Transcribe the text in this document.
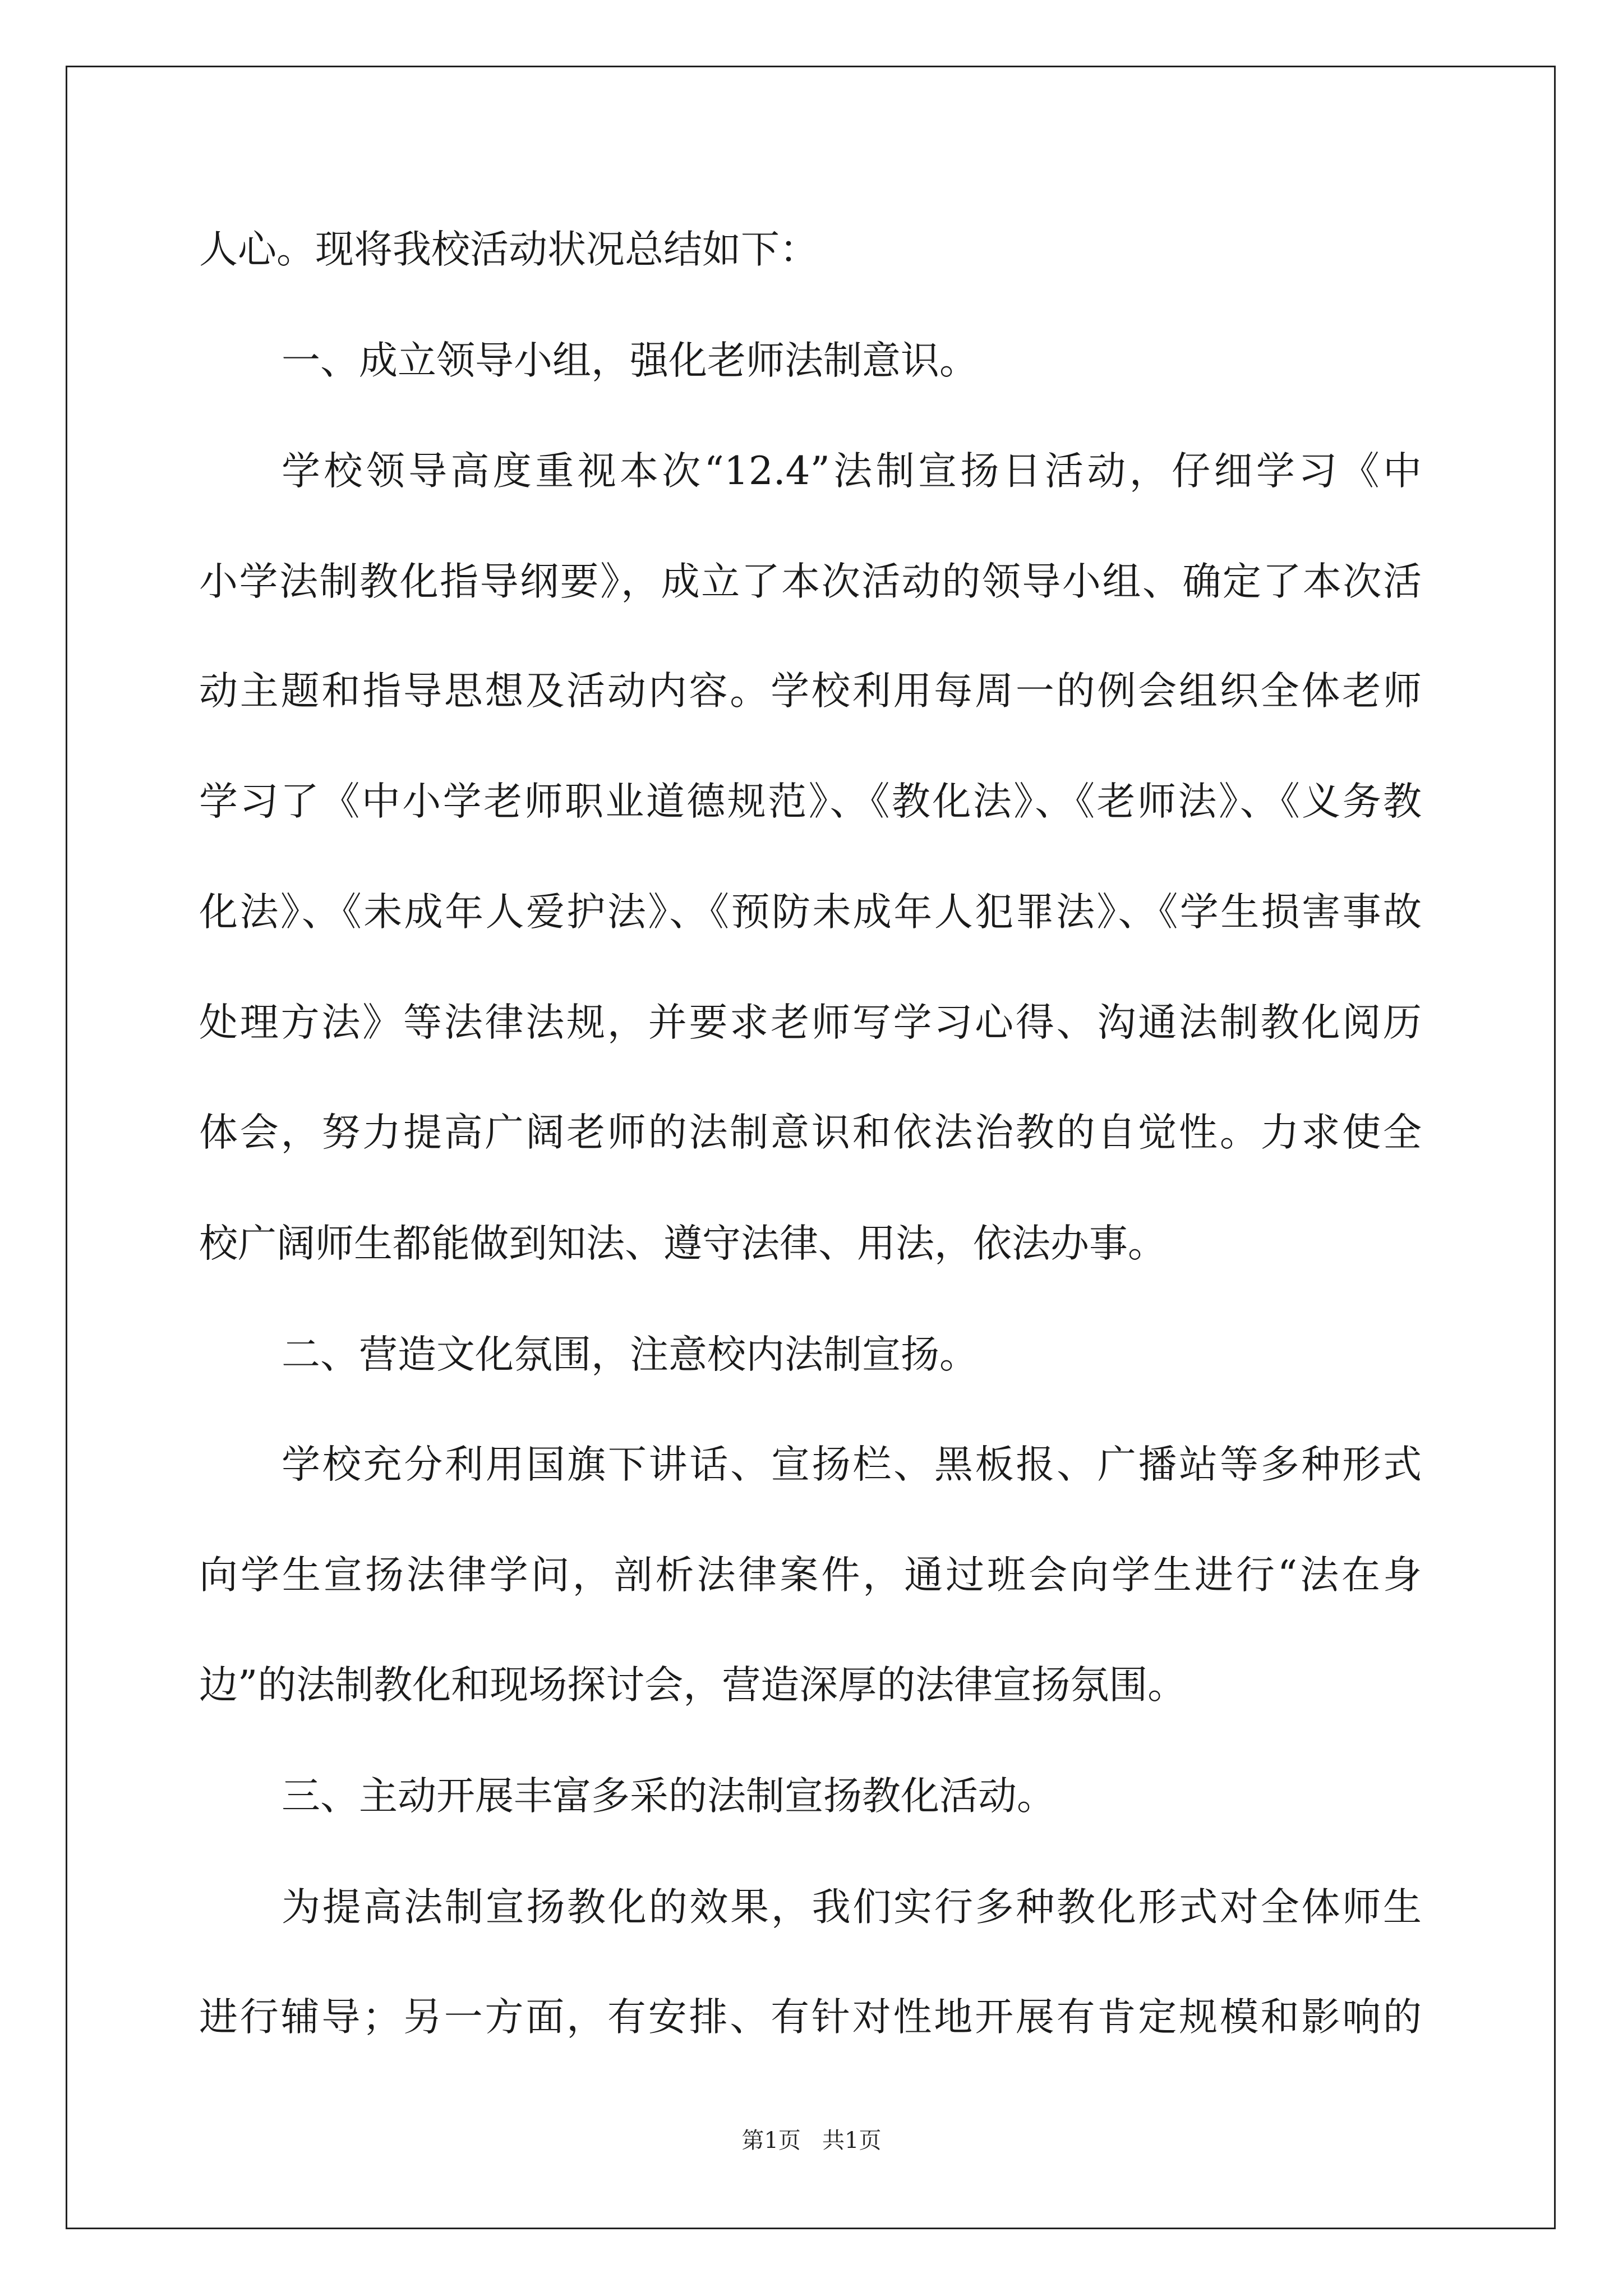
人心。现将我校活动状况总结如下：
一、成立领导小组，强化老师法制意识。
学校领导高度重视本次“12.4”法制宣扬日活动，仔细学习《中
小学法制教化指导纲要》，成立了本次活动的领导小组、确定了本次活
动主题和指导思想及活动内容。学校利用每周一的例会组织全体老师
学习了《中小学老师职业道德规范》、《教化法》、《老师法》、《义务教
化法》、《未成年人爱护法》、《预防未成年人犯罪法》、《学生损害事故
处理方法》等法律法规，并要求老师写学习心得、沟通法制教化阅历
体会，努力提高广阔老师的法制意识和依法治教的自觉性。力求使全
校广阔师生都能做到知法、遵守法律、用法，依法办事。
二、营造文化氛围，注意校内法制宣扬。
学校充分利用国旗下讲话、宣扬栏、黑板报、广播站等多种形式
向学生宣扬法律学问，剖析法律案件，通过班会向学生进行“法在身
边”的法制教化和现场探讨会，营造深厚的法律宣扬氛围。
三、主动开展丰富多采的法制宣扬教化活动。
为提高法制宣扬教化的效果，我们实行多种教化形式对全体师生
进行辅导；另一方面，有安排、有针对性地开展有肯定规模和影响的
第1页   共1页
